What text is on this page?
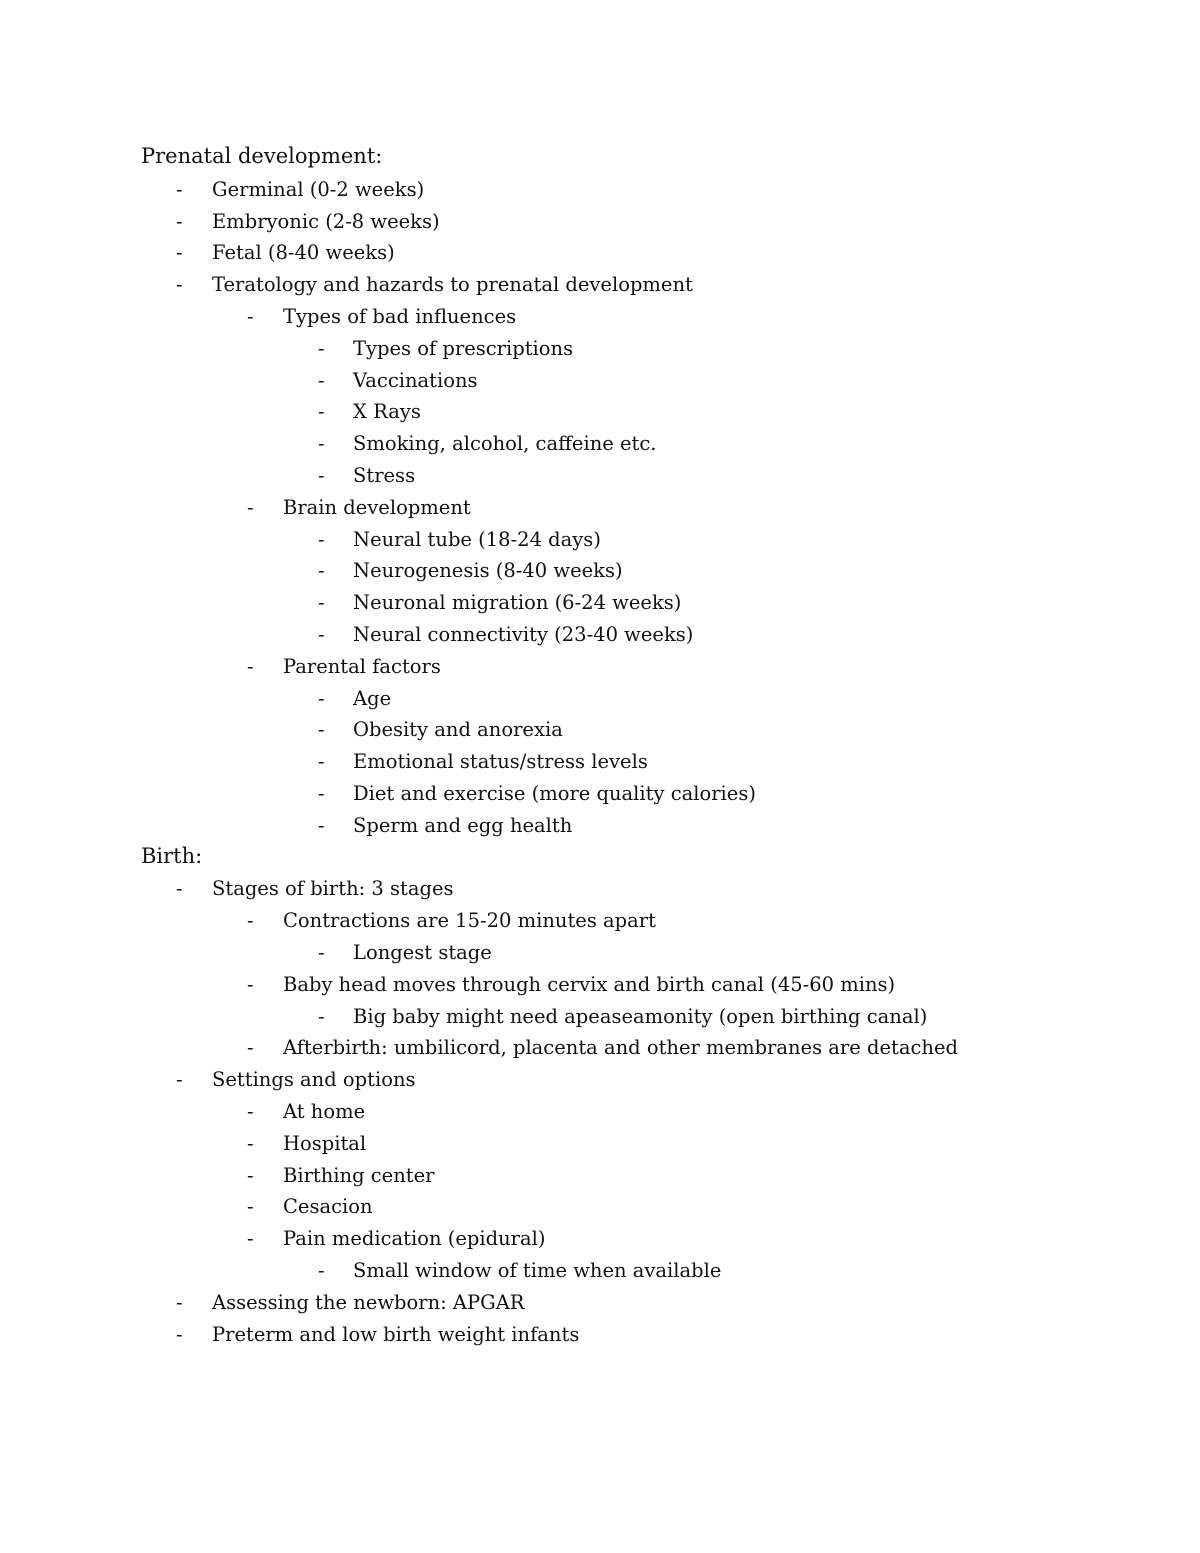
Prenatal development:
-	Germinal (0-2 weeks)
-	Embryonic (2-8 weeks)
-	Fetal (8-40 weeks)
-	Teratology and hazards to prenatal development
-	Types of bad influences
-	Types of prescriptions
-	Vaccinations
-	X Rays
-	Smoking, alcohol, caffeine etc.
-	Stress
-	Brain development
-	Neural tube (18-24 days)
-	Neurogenesis (8-40 weeks)
-	Neuronal migration (6-24 weeks)
-	Neural connectivity (23-40 weeks)
-	Parental factors
-	Age
-	Obesity and anorexia
-	Emotional status/stress levels
-	Diet and exercise (more quality calories)
-	Sperm and egg health
Birth:
-	Stages of birth: 3 stages
-	Contractions are 15-20 minutes apart
-	Longest stage
-	Baby head moves through cervix and birth canal (45-60 mins)
-	Big baby might need apeaseamonity (open birthing canal)
-	Afterbirth: umbilicord, placenta and other membranes are detached
-	Settings and options
-	At home
-	Hospital
-	Birthing center
-	Cesacion
-	Pain medication (epidural)
-	Small window of time when available
-	Assessing the newborn: APGAR
-	Preterm and low birth weight infants
